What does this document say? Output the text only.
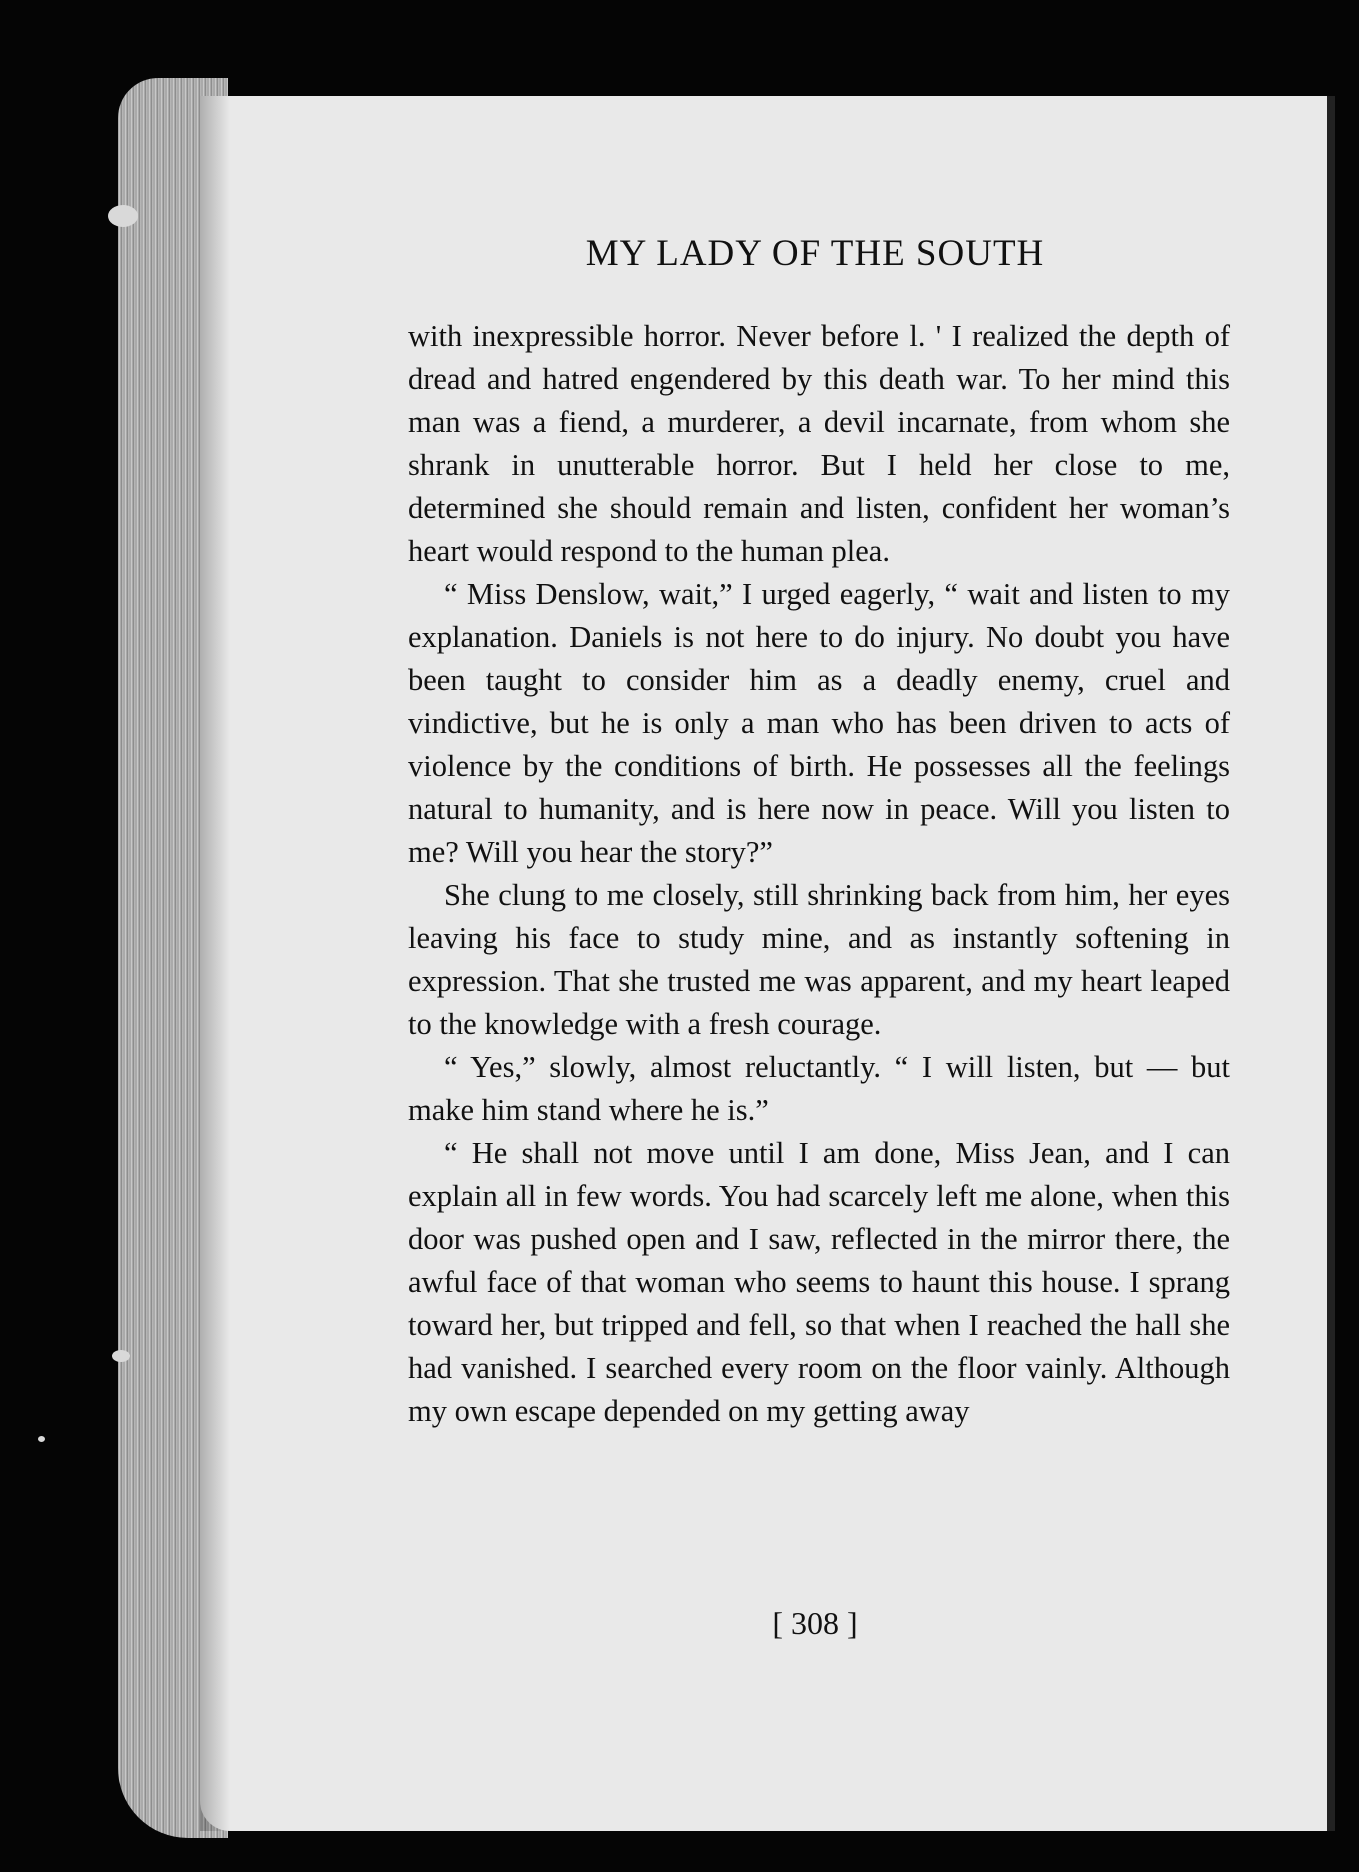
MY LADY OF THE SOUTH

with inexpressible horror. Never before l. ' I realized the depth of dread and hatred engendered by this death war. To her mind this man was a fiend, a murderer, a devil incarnate, from whom she shrank in unutterable horror. But I held her close to me, determined she should remain and listen, confident her woman’s heart would respond to the human plea.

“ Miss Denslow, wait,” I urged eagerly, “ wait and listen to my explanation. Daniels is not here to do injury. No doubt you have been taught to consider him as a deadly enemy, cruel and vindictive, but he is only a man who has been driven to acts of violence by the conditions of birth. He possesses all the feelings natural to humanity, and is here now in peace. Will you listen to me? Will you hear the story?”

She clung to me closely, still shrinking back from him, her eyes leaving his face to study mine, and as instantly softening in expression. That she trusted me was apparent, and my heart leaped to the knowledge with a fresh courage.

“ Yes,” slowly, almost reluctantly. “ I will listen, but — but make him stand where he is.”

“ He shall not move until I am done, Miss Jean, and I can explain all in few words. You had scarcely left me alone, when this door was pushed open and I saw, reflected in the mirror there, the awful face of that woman who seems to haunt this house. I sprang toward her, but tripped and fell, so that when I reached the hall she had vanished. I searched every room on the floor vainly. Although my own escape depended on my getting away

[ 308 ]
